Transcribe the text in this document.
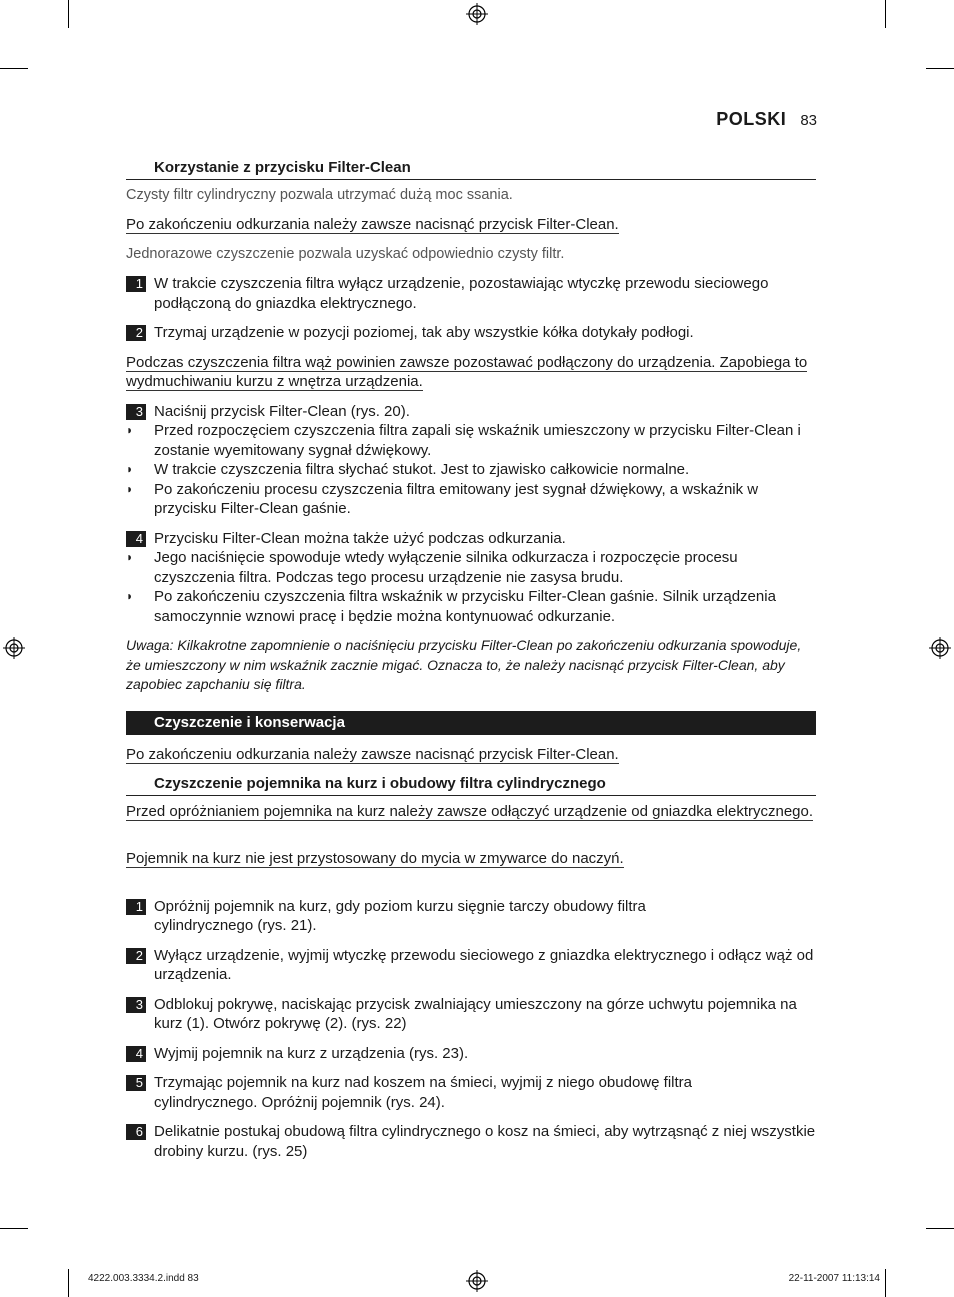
POLSKI 83
Korzystanie z przycisku Filter-Clean

Czysty filtr cylindryczny pozwala utrzymać dużą moc ssania.

Po zakończeniu odkurzania należy zawsze nacisnąć przycisk Filter-Clean.

Jednorazowe czyszczenie pozwala uzyskać odpowiednio czysty filtr.

1 W trakcie czyszczenia filtra wyłącz urządzenie, pozostawiając wtyczkę przewodu sieciowego podłączoną do gniazdka elektrycznego.
2 Trzymaj urządzenie w pozycji poziomej, tak aby wszystkie kółka dotykały podłogi.

Podczas czyszczenia filtra wąż powinien zawsze pozostawać podłączony do urządzenia. Zapobiega to wydmuchiwaniu kurzu z wnętrza urządzenia.

3 Naciśnij przycisk Filter-Clean (rys. 20).
◗	Przed rozpoczęciem czyszczenia filtra zapali się wskaźnik umieszczony w przycisku Filter-Clean i zostanie wyemitowany sygnał dźwiękowy.
◗	W trakcie czyszczenia filtra słychać stukot. Jest to zjawisko całkowicie normalne.
◗	Po zakończeniu procesu czyszczenia filtra emitowany jest sygnał dźwiękowy, a wskaźnik w przycisku Filter-Clean gaśnie.
4 Przycisku Filter-Clean można także użyć podczas odkurzania.
◗	Jego naciśnięcie spowoduje wtedy wyłączenie silnika odkurzacza i rozpoczęcie procesu czyszczenia filtra. Podczas tego procesu urządzenie nie zasysa brudu.
◗	Po zakończeniu czyszczenia filtra wskaźnik w przycisku Filter-Clean gaśnie. Silnik urządzenia samoczynnie wznowi pracę i będzie można kontynuować odkurzanie.

Uwaga: Kilkakrotne zapomnienie o naciśnięciu przycisku Filter-Clean po zakończeniu odkurzania spowoduje, że umieszczony w nim wskaźnik zacznie migać. Oznacza to, że należy nacisnąć przycisk Filter-Clean, aby zapobiec zapchaniu się filtra.

Czyszczenie i konserwacja

Po zakończeniu odkurzania należy zawsze nacisnąć przycisk Filter-Clean.

Czyszczenie pojemnika na kurz i obudowy filtra cylindrycznego

Przed opróżnianiem pojemnika na kurz należy zawsze odłączyć urządzenie od gniazdka elektrycznego.

Pojemnik na kurz nie jest przystosowany do mycia w zmywarce do naczyń.

1 Opróżnij pojemnik na kurz, gdy poziom kurzu sięgnie tarczy obudowy filtra cylindrycznego (rys. 21).
2 Wyłącz urządzenie, wyjmij wtyczkę przewodu sieciowego z gniazdka elektrycznego i odłącz wąż od urządzenia.
3 Odblokuj pokrywę, naciskając przycisk zwalniający umieszczony na górze uchwytu pojemnika na kurz (1). Otwórz pokrywę (2). (rys. 22)
4 Wyjmij pojemnik na kurz z urządzenia (rys. 23).
5 Trzymając pojemnik na kurz nad koszem na śmieci, wyjmij z niego obudowę filtra cylindrycznego. Opróżnij pojemnik (rys. 24).
6 Delikatnie postukaj obudową filtra cylindrycznego o kosz na śmieci, aby wytrząsnąć z niej wszystkie drobiny kurzu. (rys. 25)
4222.003.3334.2.indd 83	22-11-2007 11:13:14
